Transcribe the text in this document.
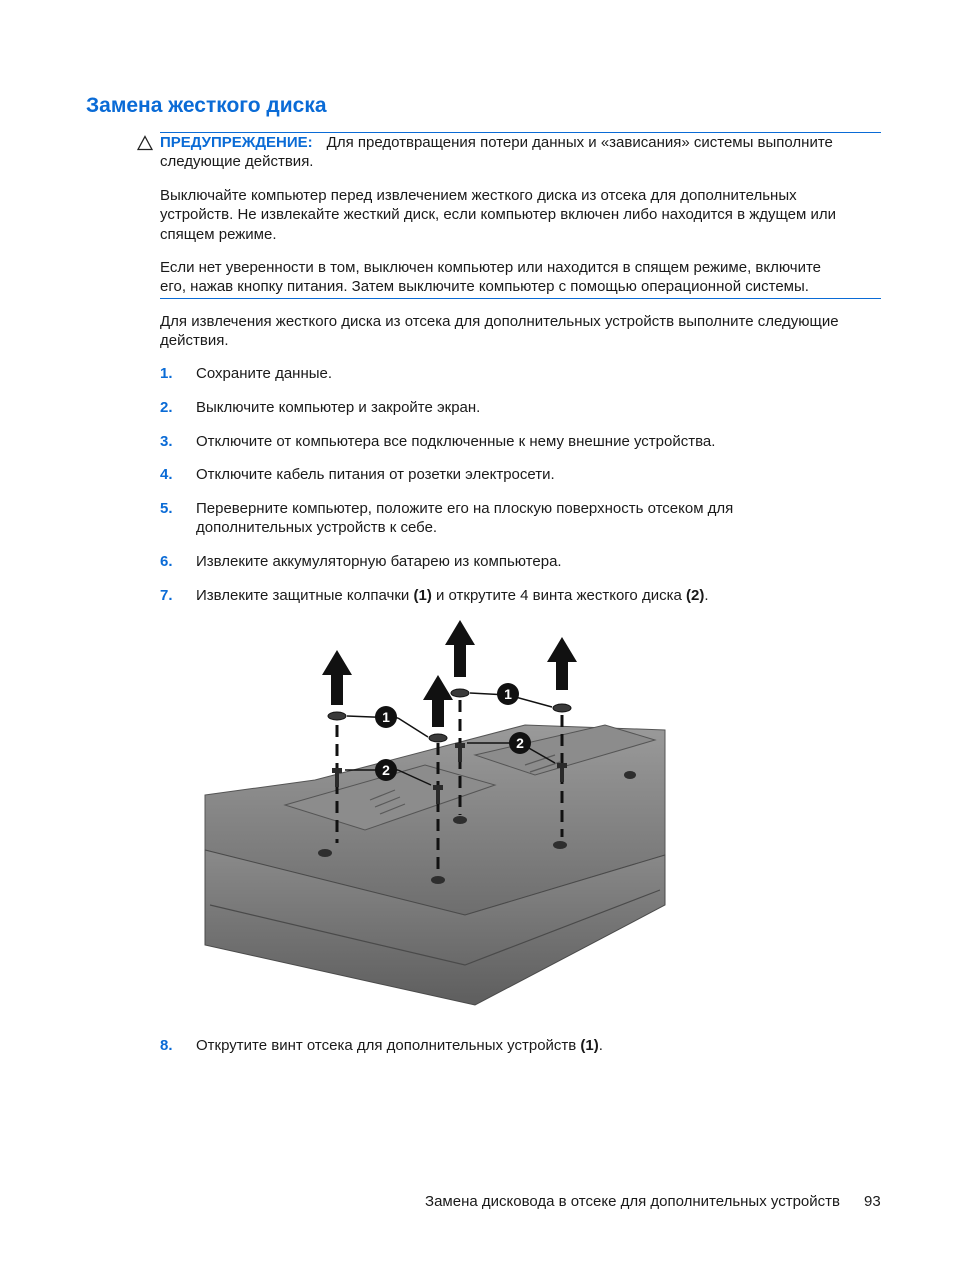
Замена жесткого диска
ПРЕДУПРЕЖДЕНИЕ: Для предотвращения потери данных и «зависания» системы выполните
следующие действия.
Выключайте компьютер перед извлечением жесткого диска из отсека для дополнительных
устройств. Не извлекайте жесткий диск, если компьютер включен либо находится в ждущем или
спящем режиме.
Если нет уверенности в том, выключен компьютер или находится в спящем режиме, включите
его, нажав кнопку питания. Затем выключите компьютер с помощью операционной системы.
Для извлечения жесткого диска из отсека для дополнительных устройств выполните следующие
действия.
1. Сохраните данные.
2. Выключите компьютер и закройте экран.
3. Отключите от компьютера все подключенные к нему внешние устройства.
4. Отключите кабель питания от розетки электросети.
5. Переверните компьютер, положите его на плоскую поверхность отсеком для
дополнительных устройств к себе.
6. Извлеките аккумуляторную батарею из компьютера.
7. Извлеките защитные колпачки (1) и открутите 4 винта жесткого диска (2).
1
1
2
2
8. Открутите винт отсека для дополнительных устройств (1).
Замена дисковода в отсеке для дополнительных устройств 93
